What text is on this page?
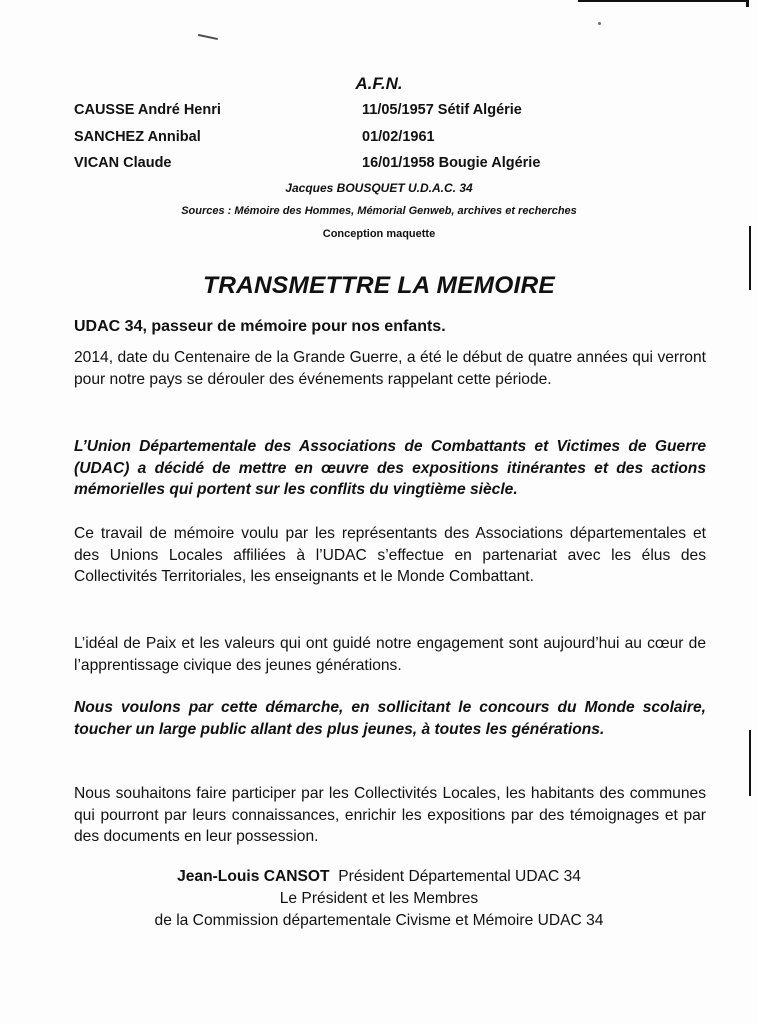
A.F.N.
CAUSSE André Henri	11/05/1957 Sétif Algérie
SANCHEZ Annibal	01/02/1961
VICAN Claude	16/01/1958 Bougie Algérie
Jacques BOUSQUET U.D.A.C. 34
Sources : Mémoire des Hommes, Mémorial Genweb, archives et recherches
Conception maquette
TRANSMETTRE LA MEMOIRE
UDAC 34, passeur de mémoire pour nos enfants.
2014, date du Centenaire de la Grande Guerre, a été le début de quatre années qui verront pour notre pays se dérouler des événements rappelant cette période.
L’Union Départementale des Associations de Combattants et Victimes de Guerre (UDAC) a décidé de mettre en œuvre des expositions itinérantes et des actions mémorielles qui portent sur les conflits du vingtième siècle.
Ce travail de mémoire voulu par les représentants des Associations départementales et des Unions Locales affiliées à l’UDAC s’effectue en partenariat avec les élus des Collectivités Territoriales, les enseignants et le Monde Combattant.
L’idéal de Paix et les valeurs qui ont guidé notre engagement sont aujourd’hui au cœur de l’apprentissage civique des jeunes générations.
Nous voulons par cette démarche, en sollicitant le concours du Monde scolaire, toucher un large public allant des plus jeunes, à toutes les générations.
Nous souhaitons faire participer par les Collectivités Locales, les habitants des communes qui pourront par leurs connaissances, enrichir les expositions par des témoignages et par des documents en leur possession.
Jean-Louis CANSOT Président Départemental UDAC 34
Le Président et les Membres
de la Commission départementale Civisme et Mémoire UDAC 34
